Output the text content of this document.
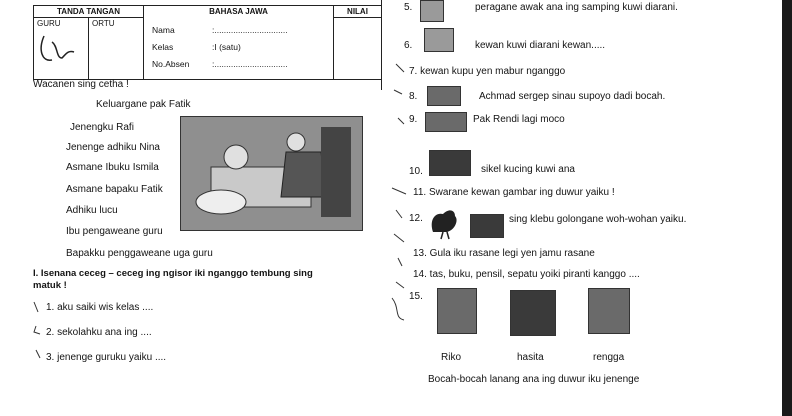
TANDA TANGAN		BAHASA JAWA	NILAI
GURU	ORTU	Nama :...............................
Kelas :I (satu)
No.Absen :...............................	

Wacanen sing cetha !
Keluargane pak Fatik
Jenengku Rafi
Jenenge adhiku Nina
Asmane Ibuku Ismila
Asmane bapaku Fatik
Adhiku lucu
Ibu pengaweane guru
Bapakku penggaweane uga guru
I. Isenana ceceg – ceceg ing ngisor iki nganggo tembung sing
matuk !
1. aku saiki wis kelas ....
2. sekolahku ana ing ....
3. jenenge guruku yaiku ....
5.	peragane awak ana ing samping kuwi diarani.
6.	kewan kuwi diarani kewan.....
7. kewan kupu yen mabur nganggo
8.	Achmad sergep sinau supoyo dadi bocah.
9.	Pak Rendi lagi moco
10.	sikel kucing kuwi ana
11. Swarane kewan gambar ing duwur yaiku !
12.	sing klebu golongane woh-wohan yaiku.
13. Gula iku rasane legi yen jamu rasane
14. tas, buku, pensil, sepatu yoiki piranti kanggo ....
15.
Riko	hasita	rengga
Bocah-bocah lanang ana ing duwur iku jenenge
